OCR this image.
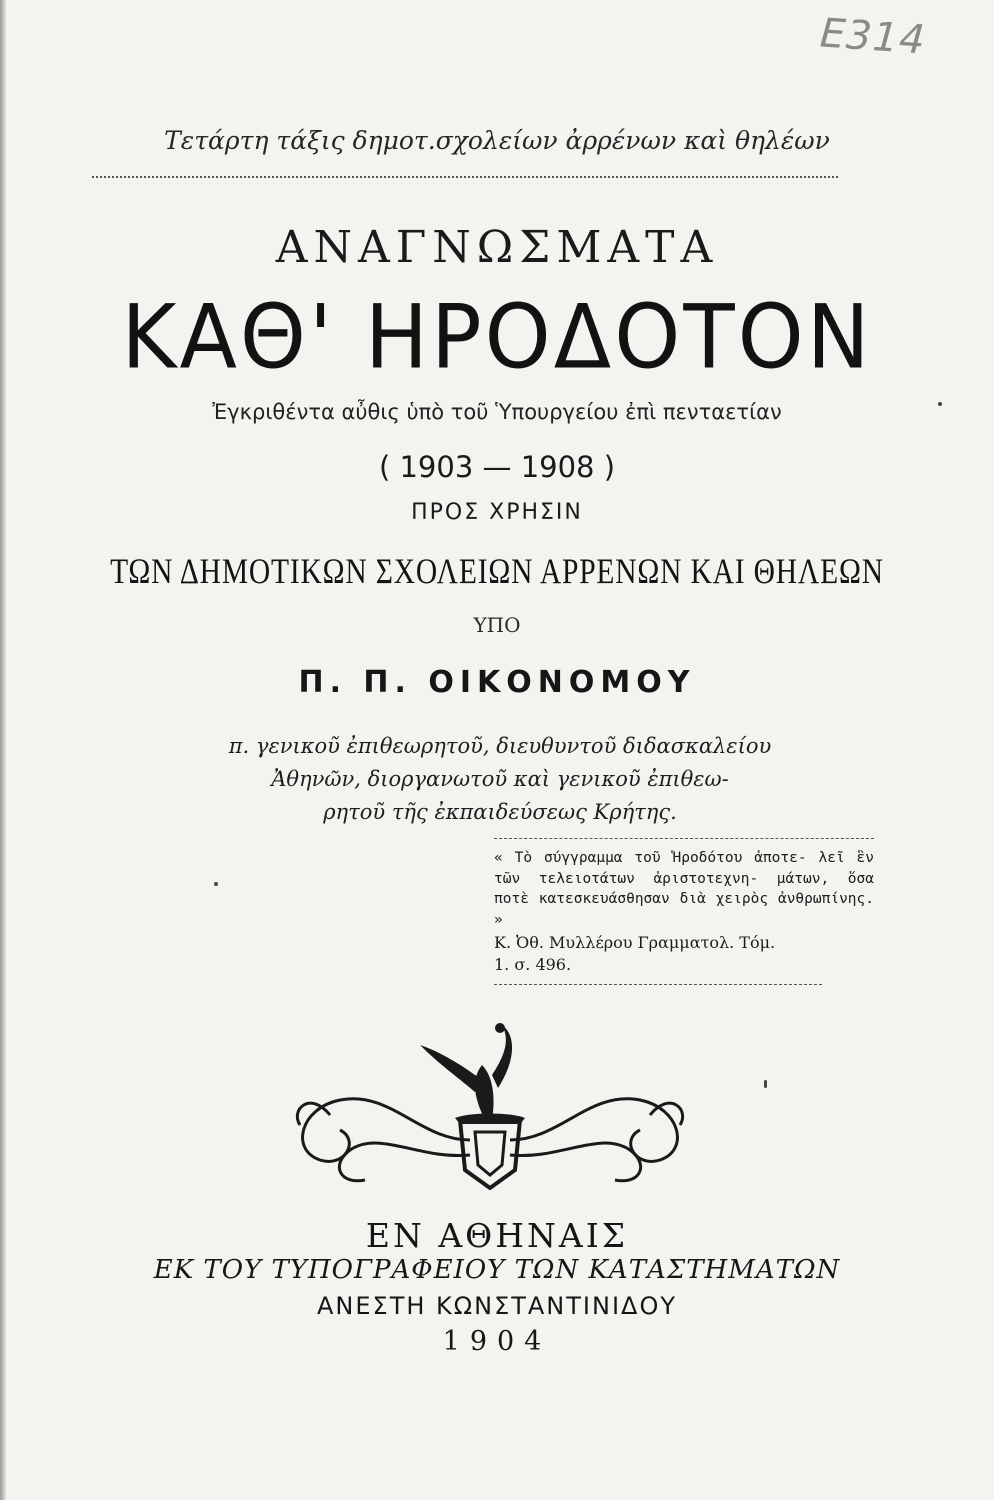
E314
Τετάρτη τάξις δημοτ.σχολείων ἀρρένων καὶ θηλέων
ΑΝΑΓΝΩΣΜΑΤΑ
ΚΑΘ' ΗΡΟΔΟΤΟΝ
Ἐγκριθέντα αὖθις ὑπὸ τοῦ Ὑπουργείου ἐπὶ πενταετίαν
( 1903 — 1908 )
ΠΡΟΣ ΧΡΗΣΙΝ
ΤΩΝ ΔΗΜΟΤΙΚΩΝ ΣΧΟΛΕΙΩΝ ΑΡΡΕΝΩΝ ΚΑΙ ΘΗΛΕΩΝ
ΥΠΟ
Π. Π. ΟΙΚΟΝΟΜΟΥ
π. γενικοῦ ἐπιθεωρητοῦ, διευθυντοῦ διδασκαλείου
Ἀθηνῶν, διοργανωτοῦ καὶ γενικοῦ ἐπιθεω-
ρητοῦ τῆς ἐκπαιδεύσεως Κρήτης.
« Τὸ σύγγραμμα τοῦ Ἡροδότου ἀποτε- λεῖ ἓν τῶν τελειοτάτων ἀριστοτεχνη- μάτων, ὅσα ποτὲ κατεσκευάσθησαν διὰ χειρὸς ἀνθρωπίνης. »
Κ. Ὀθ. Μυλλέρου Γραμματολ. Τόμ.
1. σ. 496.
ΕΝ ΑΘΗΝΑΙΣ
ΕΚ ΤΟΥ ΤΥΠΟΓΡΑΦΕΙΟΥ ΤΩΝ ΚΑΤΑΣΤΗΜΑΤΩΝ
ΑΝΕΣΤΗ ΚΩΝΣΤΑΝΤΙΝΙΔΟΥ
1904
